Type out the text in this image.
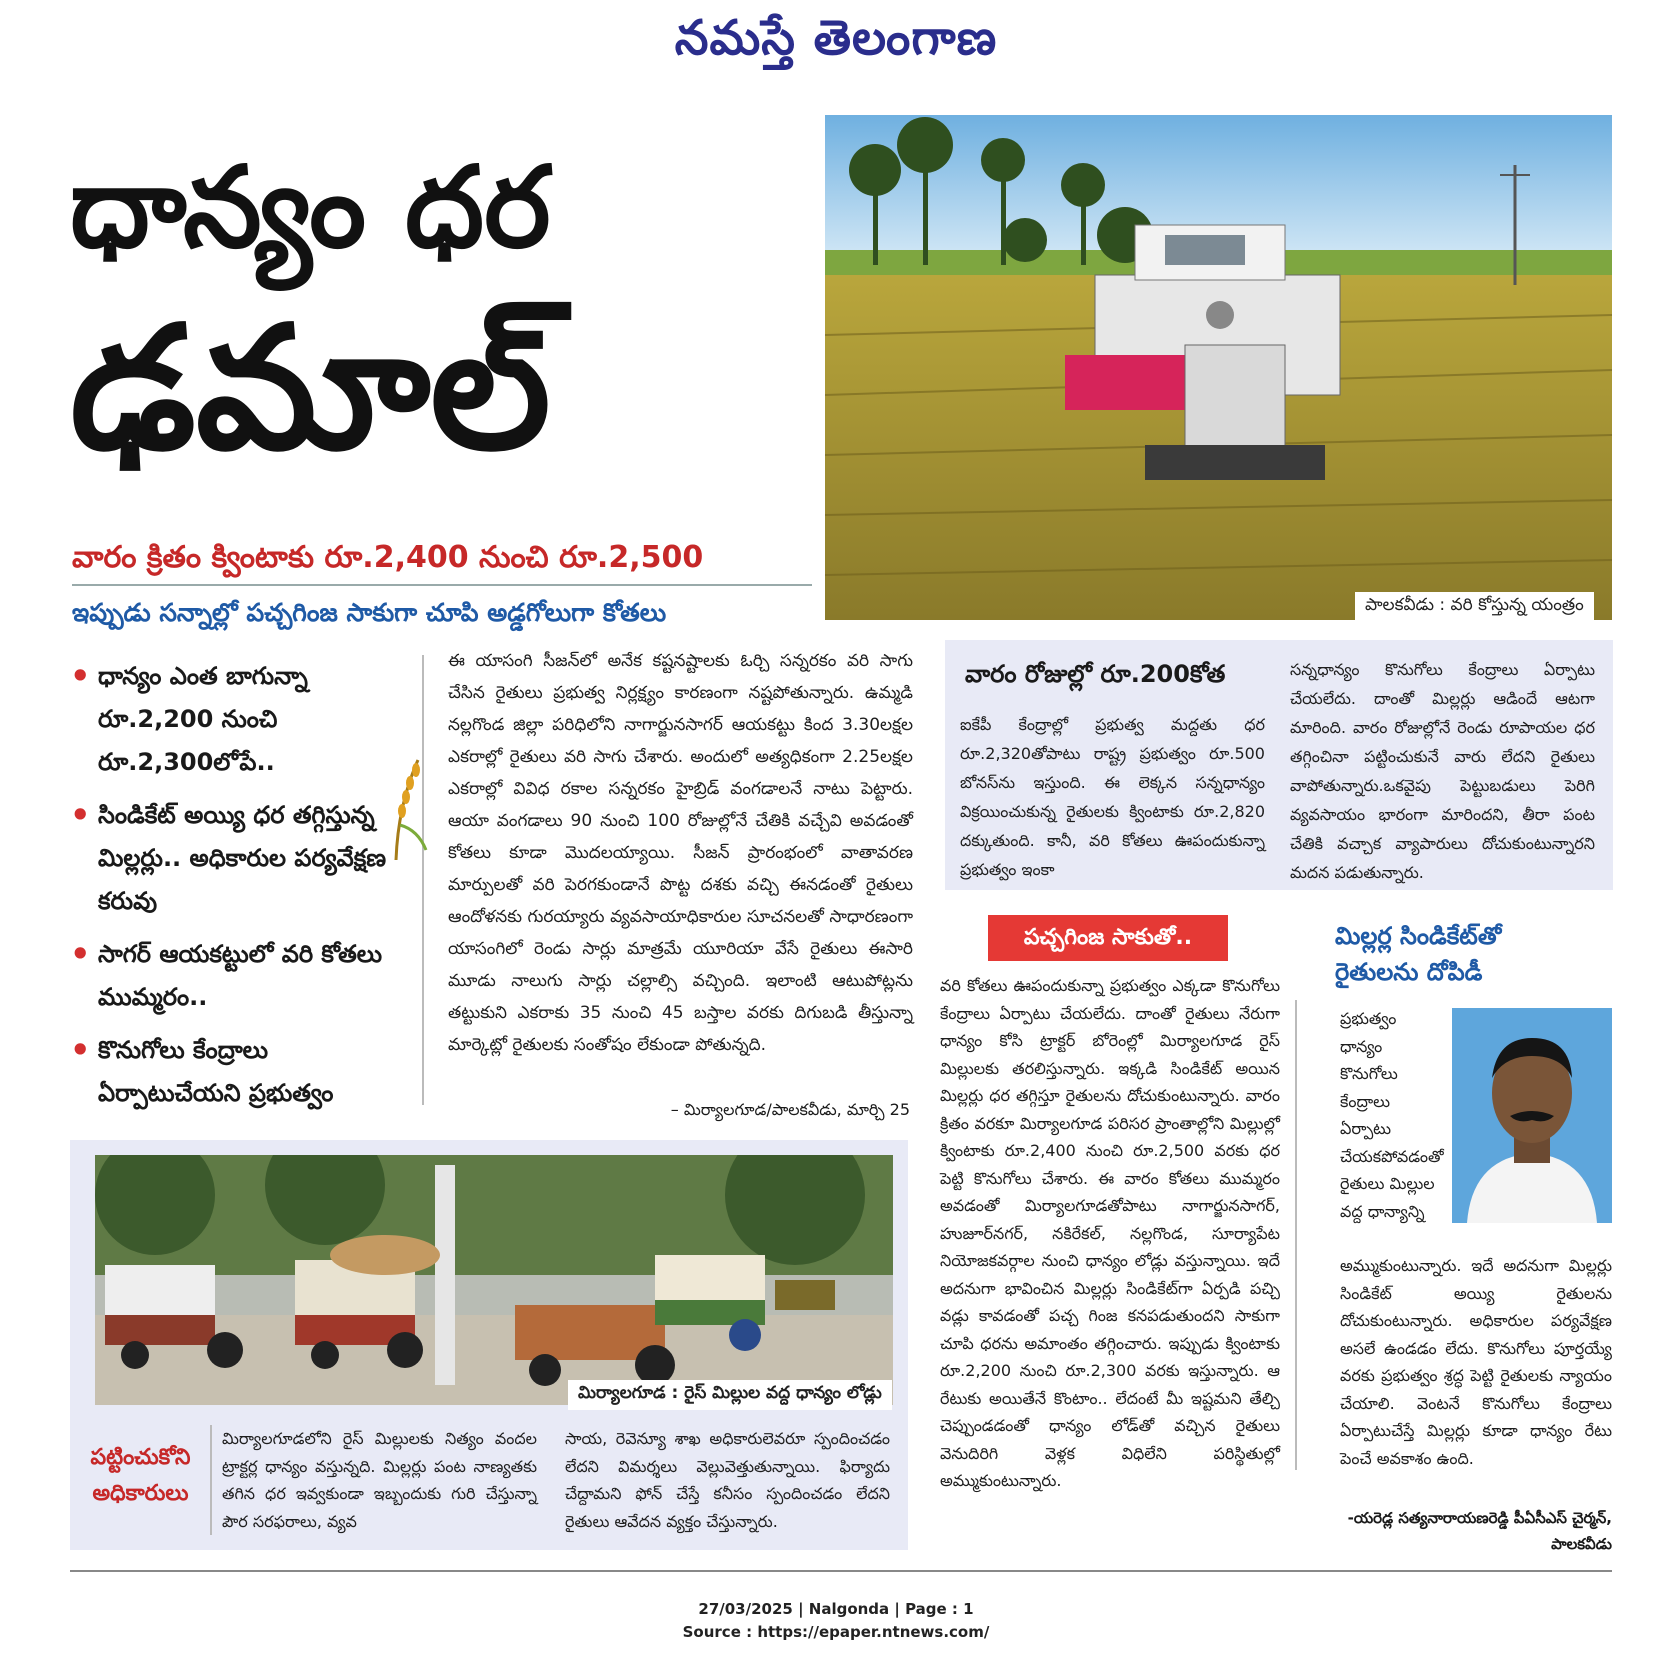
నమస్తే తెలంగాణ
ధాన్యం ధర
ఢమాల్
వారం క్రితం క్వింటాకు రూ.2,400 నుంచి రూ.2,500
ఇప్పుడు సన్నాల్లో పచ్చగింజ సాకుగా చూపి అడ్డగోలుగా కోతలు	పాలకవీడు : వరి కోస్తున్న యంత్రం
• ధాన్యం ఎంత బాగున్నా రూ.2,200 నుంచి రూ.2,300లోపే..
• సిండికేట్ అయ్యి ధర తగ్గిస్తున్న మిల్లర్లు.. అధికారుల పర్యవేక్షణ కరువు
• సాగర్ ఆయకట్టులో వరి కోతలు ముమ్మరం..
• కొనుగోలు కేంద్రాలు ఏర్పాటుచేయని ప్రభుత్వం
ఈ యాసంగి సీజన్‌లో అనేక కష్టనష్టాలకు ఓర్చి సన్నరకం వరి సాగు చేసిన రైతులు ప్రభుత్వ నిర్లక్ష్యం కారణంగా నష్టపోతున్నారు. ఉమ్మడి నల్లగొండ జిల్లా పరిధిలోని నాగార్జునసాగర్ ఆయకట్టు కింద 3.30లక్షల ఎకరాల్లో రైతులు వరి సాగు చేశారు. అందులో అత్యధికంగా 2.25లక్షల ఎకరాల్లో వివిధ రకాల సన్నరకం హైబ్రిడ్ వంగడాలనే నాటు పెట్టారు. ఆయా వంగడాలు 90 నుంచి 100 రోజుల్లోనే చేతికి వచ్చేవి అవడంతో కోతలు కూడా మొదలయ్యాయి. సీజన్ ప్రారంభంలో వాతావరణ మార్పులతో వరి పెరగకుండానే పొట్ట దశకు వచ్చి ఈనడంతో రైతులు ఆందోళనకు గురయ్యారు వ్యవసాయాధికారుల సూచనలతో సాధారణంగా యాసంగిలో రెండు సార్లు మాత్రమే యూరియా వేసే రైతులు ఈసారి మూడు నాలుగు సార్లు చల్లాల్సి వచ్చింది. ఇలాంటి ఆటుపోట్లను తట్టుకుని ఎకరాకు 35 నుంచి 45 బస్తాల వరకు దిగుబడి తీస్తున్నా మార్కెట్లో రైతులకు సంతోషం లేకుండా పోతున్నది.
– మిర్యాలగూడ/పాలకవీడు, మార్చి 25
వారం రోజుల్లో రూ.200కోత
ఐకేపీ కేంద్రాల్లో ప్రభుత్వ మద్దతు ధర రూ.2,320తోపాటు రాష్ట్ర ప్రభుత్వం రూ.500 బోనస్‌ను ఇస్తుంది. ఈ లెక్కన సన్నధాన్యం విక్రయించుకున్న రైతులకు క్వింటాకు రూ.2,820 దక్కుతుంది. కానీ, వరి కోతలు ఊపందుకున్నా ప్రభుత్వం ఇంకా
సన్నధాన్యం కొనుగోలు కేంద్రాలు ఏర్పాటు చేయలేదు. దాంతో మిల్లర్లు ఆడిందే ఆటగా మారింది. వారం రోజుల్లోనే రెండు రూపాయల ధర తగ్గించినా పట్టించుకునే వారు లేదని రైతులు వాపోతున్నారు.ఒకవైపు పెట్టుబడులు పెరిగి వ్యవసాయం భారంగా మారిందని, తీరా పంట చేతికి వచ్చాక వ్యాపారులు దోచుకుంటున్నారని మదన పడుతున్నారు.
పచ్చగింజ సాకుతో..
వరి కోతలు ఊపందుకున్నా ప్రభుత్వం ఎక్కడా కొనుగోలు కేంద్రాలు ఏర్పాటు చేయలేదు. దాంతో రైతులు నేరుగా ధాన్యం కోసి ట్రాక్టర్ బోరెంల్లో మిర్యాలగూడ రైస్ మిల్లులకు తరలిస్తున్నారు. ఇక్కడి సిండికేట్ అయిన మిల్లర్లు ధర తగ్గిస్తూ రైతులను దోచుకుంటున్నారు. వారం క్రితం వరకూ మిర్యాలగూడ పరిసర ప్రాంతాల్లోని మిల్లుల్లో క్వింటాకు రూ.2,400 నుంచి రూ.2,500 వరకు ధర పెట్టి కొనుగోలు చేశారు. ఈ వారం కోతలు ముమ్మరం అవడంతో మిర్యాలగూడతోపాటు నాగార్జునసాగర్, హుజూర్‌నగర్, నకిరేకల్, నల్లగొండ, సూర్యాపేట నియోజకవర్గాల నుంచి ధాన్యం లోడ్లు వస్తున్నాయి. ఇదే అదనుగా భావించిన మిల్లర్లు సిండికేట్‌గా ఏర్పడి పచ్చి వడ్లు కావడంతో పచ్చ గింజ కనపడుతుందని సాకుగా చూపి ధరను అమాంతం తగ్గించారు. ఇప్పుడు క్వింటాకు రూ.2,200 నుంచి రూ.2,300 వరకు ఇస్తున్నారు. ఆ రేటుకు అయితేనే కొంటాం.. లేదంటే మీ ఇష్టమని తేల్చి చెప్పుండడంతో ధాన్యం లోడ్‌తో వచ్చిన రైతులు వెనుదిరిగి వెళ్లక విధిలేని పరిస్థితుల్లో అమ్ముకుంటున్నారు.
మిల్లర్ల సిండికేట్‌తో రైతులను దోపిడీ
ప్రభుత్వం ధాన్యం కొనుగోలు కేంద్రాలు ఏర్పాటు చేయకపోవడంతో రైతులు మిల్లుల వద్ద ధాన్యాన్ని
అమ్ముకుంటున్నారు. ఇదే అదనుగా మిల్లర్లు సిండికేట్ అయ్యి రైతులను దోచుకుంటున్నారు. అధికారుల పర్యవేక్షణ అసలే ఉండడం లేదు. కొనుగోలు పూర్తయ్యే వరకు ప్రభుత్వం శ్రద్ధ పెట్టి రైతులకు న్యాయం చేయాలి. వెంటనే కొనుగోలు కేంద్రాలు ఏర్పాటుచేస్తే మిల్లర్లు కూడా ధాన్యం రేటు పెంచే అవకాశం ఉంది.
-యరెడ్ల సత్యనారాయణరెడ్డి పీఏసీఎస్ చైర్మన్, పాలకవీడు
మిర్యాలగూడ : రైస్ మిల్లుల వద్ద ధాన్యం లోడ్లు
పట్టించుకోని అధికారులు
మిర్యాలగూడలోని రైస్ మిల్లులకు నిత్యం వందల ట్రాక్టర్ల ధాన్యం వస్తున్నది. మిల్లర్లు పంట నాణ్యతకు తగిన ధర ఇవ్వకుండా ఇబ్బందుకు గురి చేస్తున్నా పౌర సరఫరాలు, వ్యవ
సాయ, రెవెన్యూ శాఖ అధికారులెవరూ స్పందించడం లేదని విమర్శలు వెల్లువెత్తుతున్నాయి. ఫిర్యాదు చేద్దామని ఫోన్ చేస్తే కనీసం స్పందించడం లేదని రైతులు ఆవేదన వ్యక్తం చేస్తున్నారు.
27/03/2025 | Nalgonda | Page : 1
Source : https://epaper.ntnews.com/
